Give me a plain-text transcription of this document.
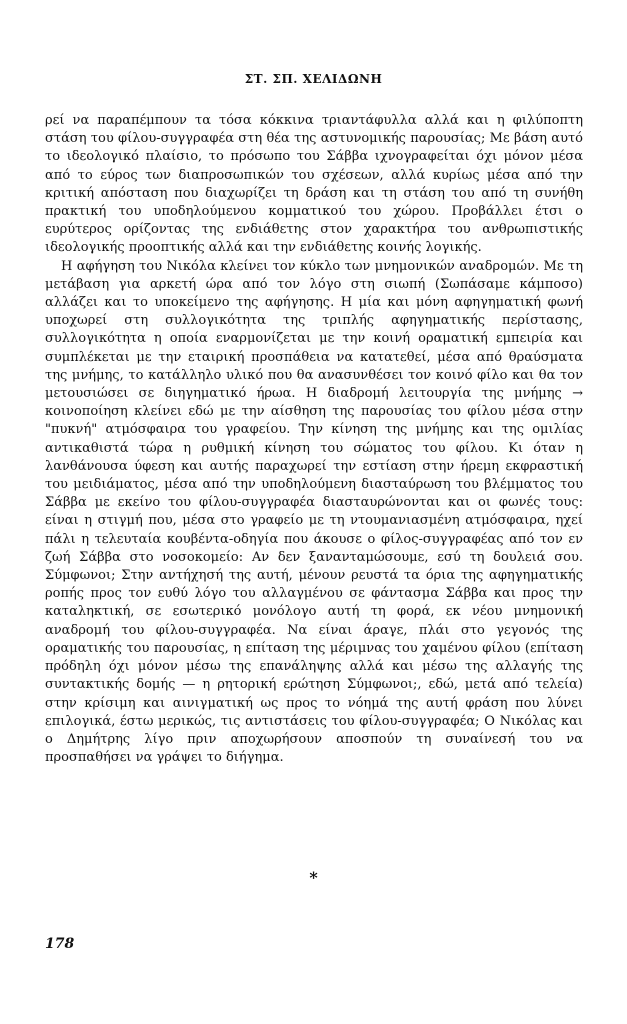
ΣΤ. ΣΠ. ΧΕΛΙΔΩΝΗ

ρεί να παραπέμπουν τα τόσα κόκκινα τριαντάφυλλα αλλά και η φιλύποπτη στάση του φίλου-συγγραφέα στη θέα της αστυνομικής παρουσίας; Με βάση αυτό το ιδεολογικό πλαίσιο, το πρόσωπο του Σάββα ιχνογραφείται όχι μόνον μέσα από το εύρος των διαπροσωπικών του σχέσεων, αλλά κυρίως μέσα από την κριτική απόσταση που διαχωρίζει τη δράση και τη στάση του από τη συνήθη πρακτική του υποδηλούμενου κομματικού του χώρου. Προβάλλει έτσι ο ευρύτερος ορίζοντας της ενδιάθετης στον χαρακτήρα του ανθρωπιστικής ιδεολογικής προοπτικής αλλά και την ενδιάθετης κοινής λογικής.

Η αφήγηση του Νικόλα κλείνει τον κύκλο των μνημονικών αναδρομών. Με τη μετάβαση για αρκετή ώρα από τον λόγο στη σιωπή (Σωπάσαμε κάμποσο) αλλάζει και το υποκείμενο της αφήγησης. Η μία και μόνη αφηγηματική φωνή υποχωρεί στη συλλογικότητα της τριπλής αφηγηματικής περίστασης, συλλογικότητα η οποία εναρμονίζεται με την κοινή οραματική εμπειρία και συμπλέκεται με την εταιρική προσπάθεια να κατατεθεί, μέσα από θραύσματα της μνήμης, το κατάλληλο υλικό που θα ανασυνθέσει τον κοινό φίλο και θα τον μετουσιώσει σε διηγηματικό ήρωα. Η διαδρομή λειτουργία της μνήμης → κοινοποίηση κλείνει εδώ με την αίσθηση της παρουσίας του φίλου μέσα στην "πυκνή" ατμόσφαιρα του γραφείου. Την κίνηση της μνήμης και της ομιλίας αντικαθιστά τώρα η ρυθμική κίνηση του σώματος του φίλου. Κι όταν η λανθάνουσα ύφεση και αυτής παραχωρεί την εστίαση στην ήρεμη εκφραστική του μειδιάματος, μέσα από την υποδηλούμενη διασταύρωση του βλέμματος του Σάββα με εκείνο του φίλου-συγγραφέα διασταυρώνονται και οι φωνές τους: είναι η στιγμή που, μέσα στο γραφείο με τη ντουμανιασμένη ατμόσφαιρα, ηχεί πάλι η τελευταία κουβέντα-οδηγία που άκουσε ο φίλος-συγγραφέας από τον εν ζωή Σάββα στο νοσοκομείο: Αν δεν ξανανταμώσουμε, εσύ τη δουλειά σου. Σύμφωνοι; Στην αντήχησή της αυτή, μένουν ρευστά τα όρια της αφηγηματικής ροπής προς τον ευθύ λόγο του αλλαγμένου σε φάντασμα Σάββα και προς την καταληκτική, σε εσωτερικό μονόλογο αυτή τη φορά, εκ νέου μνημονική αναδρομή του φίλου-συγγραφέα. Να είναι άραγε, πλάι στο γεγονός της οραματικής του παρουσίας, η επίταση της μέριμνας του χαμένου φίλου (επίταση πρόδηλη όχι μόνον μέσω της επανάληψης αλλά και μέσω της αλλαγής της συντακτικής δομής — η ρητορική ερώτηση Σύμφωνοι;, εδώ, μετά από τελεία) στην κρίσιμη και αινιγματική ως προς το νόημά της αυτή φράση που λύνει επιλογικά, έστω μερικώς, τις αντιστάσεις του φίλου-συγγραφέα; Ο Νικόλας και ο Δημήτρης λίγο πριν αποχωρήσουν αποσπούν τη συναίνεσή του να προσπαθήσει να γράψει το διήγημα.

*
178
